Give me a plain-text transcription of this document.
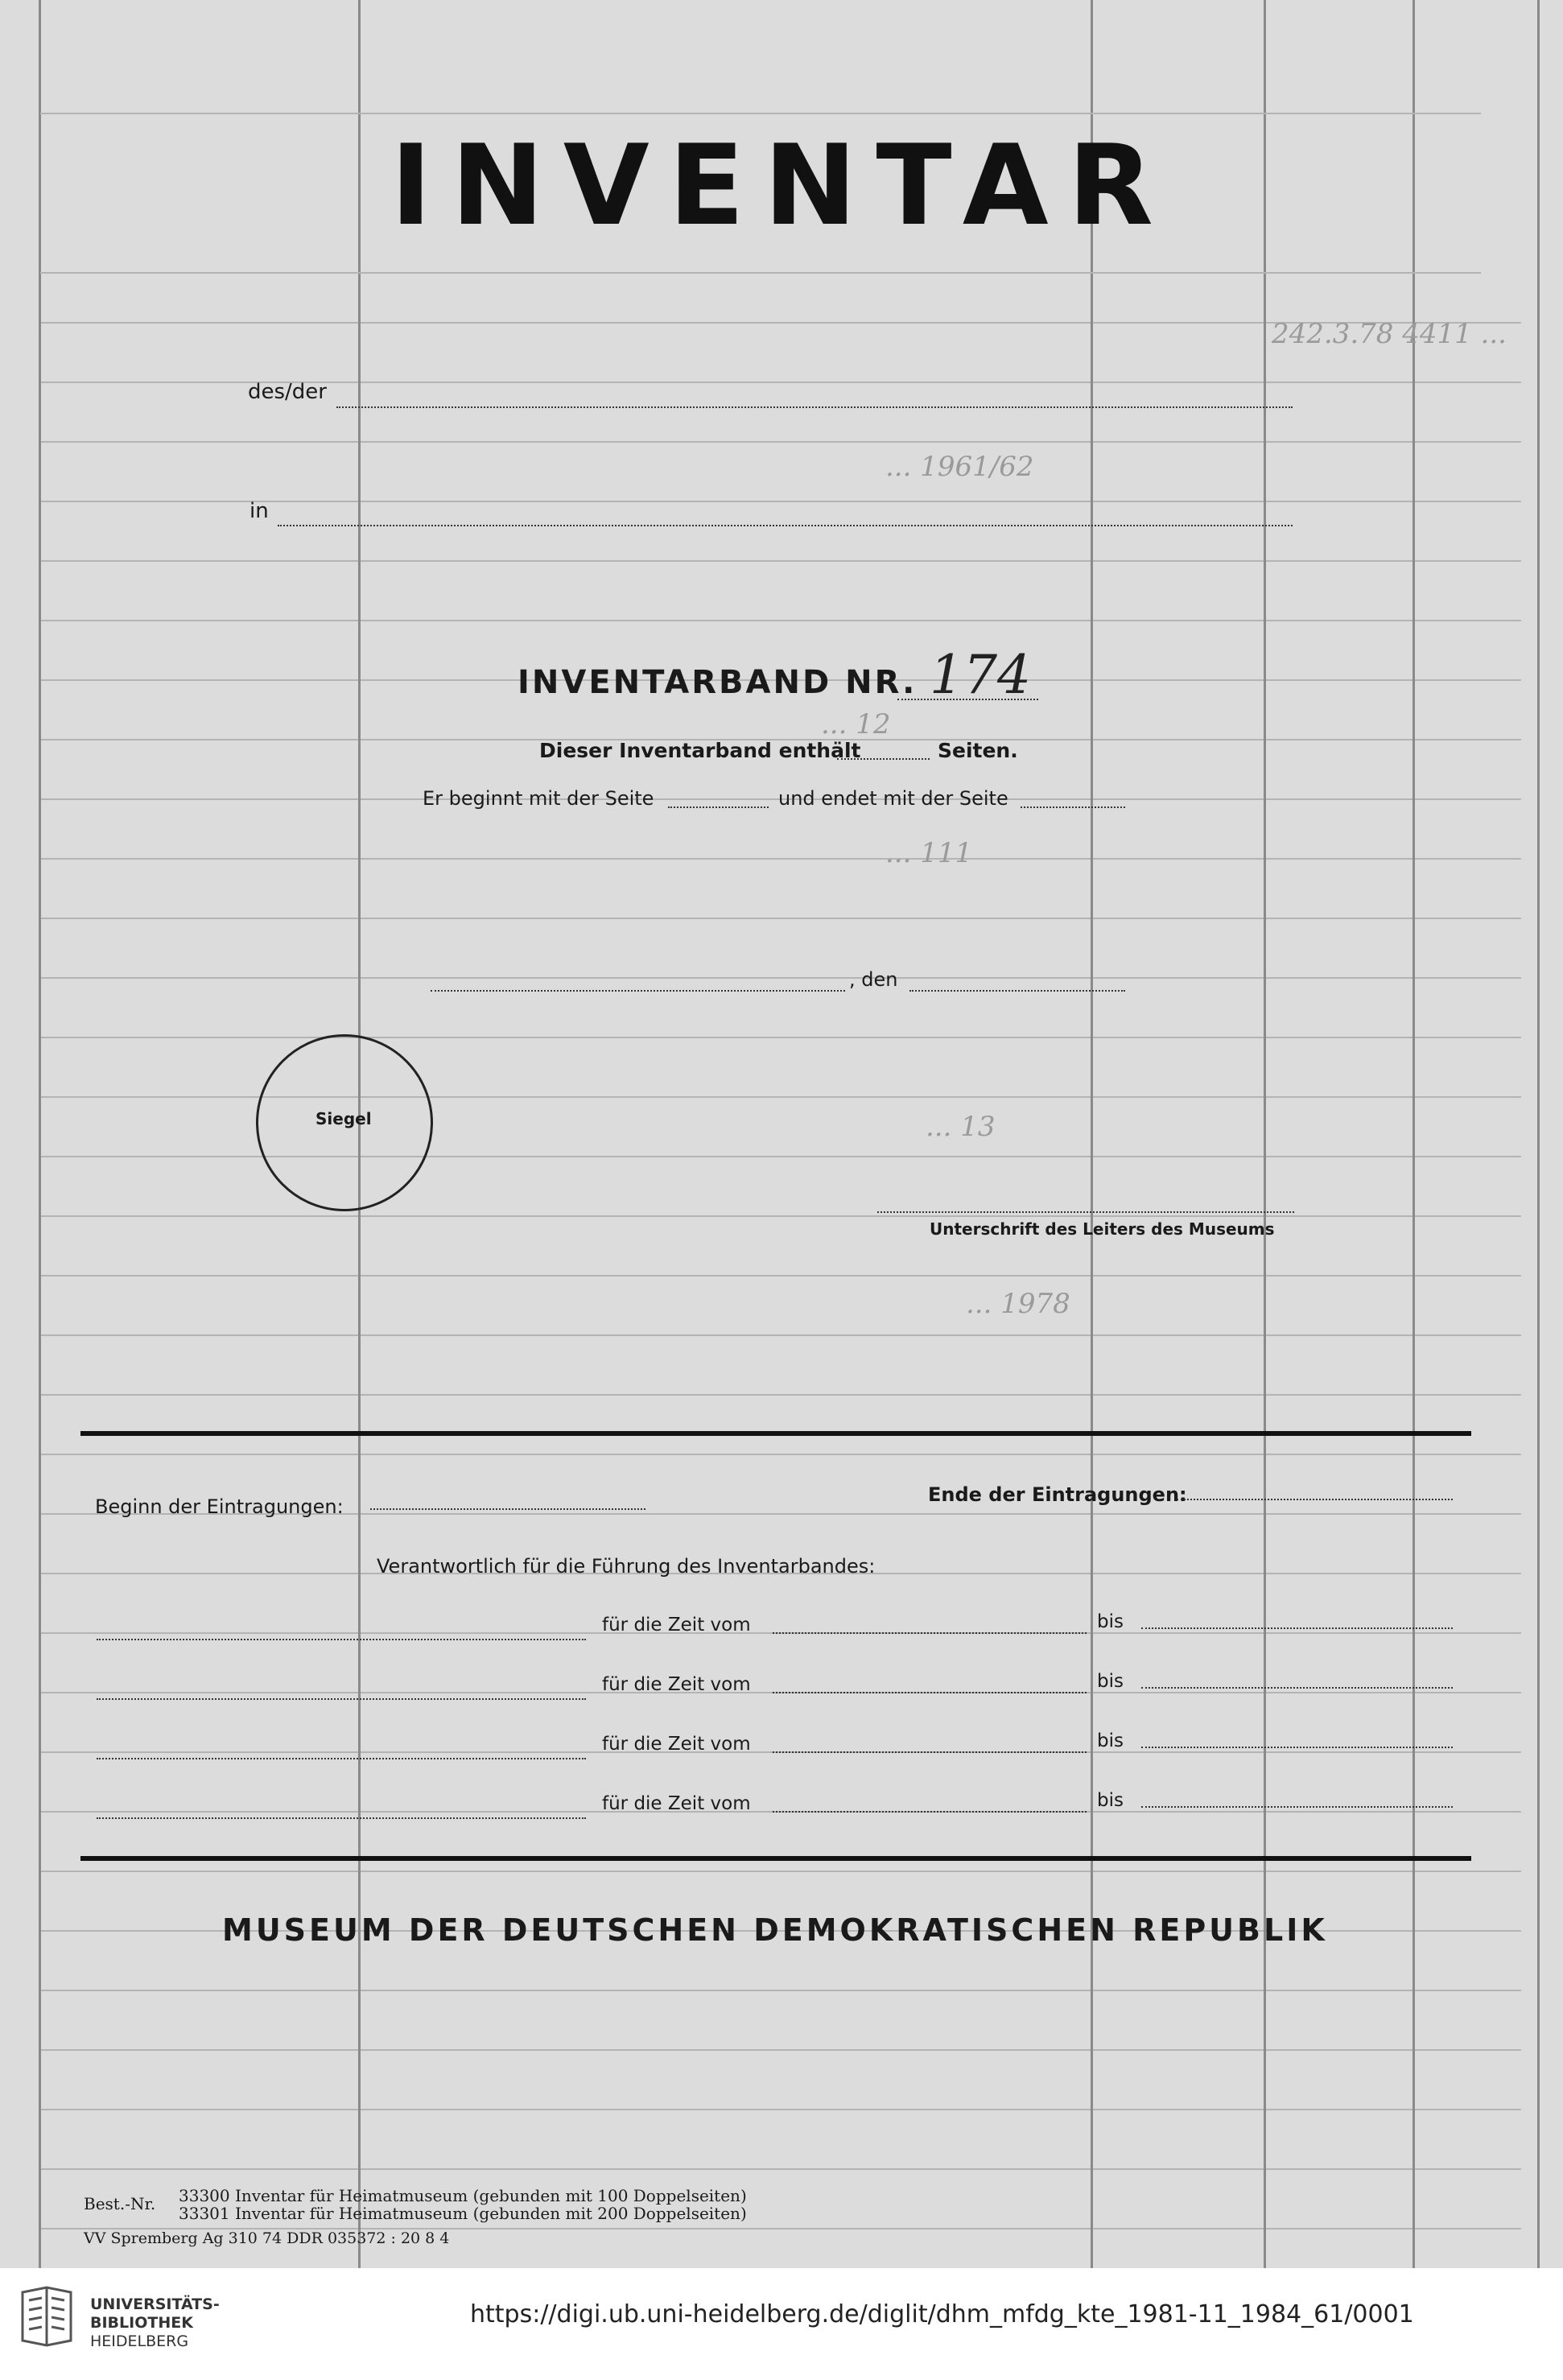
242.3.78 4411 ...
... 1961/62
... 12
... 111
... 13
... 1978
INVENTAR
des/der
in
INVENTARBAND NR. 174
Dieser Inventarband enthält	Seiten.
Er beginnt mit der Seite	und endet mit der Seite
, den
Siegel
Unterschrift des Leiters des Museums
Beginn der Eintragungen:
Ende der Eintragungen:
Verantwortlich für die Führung des Inventarbandes:
für die Zeit vom	bis
für die Zeit vom	bis
für die Zeit vom	bis
für die Zeit vom	bis
MUSEUM DER DEUTSCHEN DEMOKRATISCHEN REPUBLIK
Best.-Nr. 33300 Inventar für Heimatmuseum (gebunden mit 100 Doppelseiten)
33301 Inventar für Heimatmuseum (gebunden mit 200 Doppelseiten)
VV Spremberg Ag 310 74 DDR 035372 : 20 8 4
UNIVERSITÄTS-
BIBLIOTHEK
HEIDELBERG
https://digi.ub.uni-heidelberg.de/diglit/dhm_mfdg_kte_1981-11_1984_61/0001
